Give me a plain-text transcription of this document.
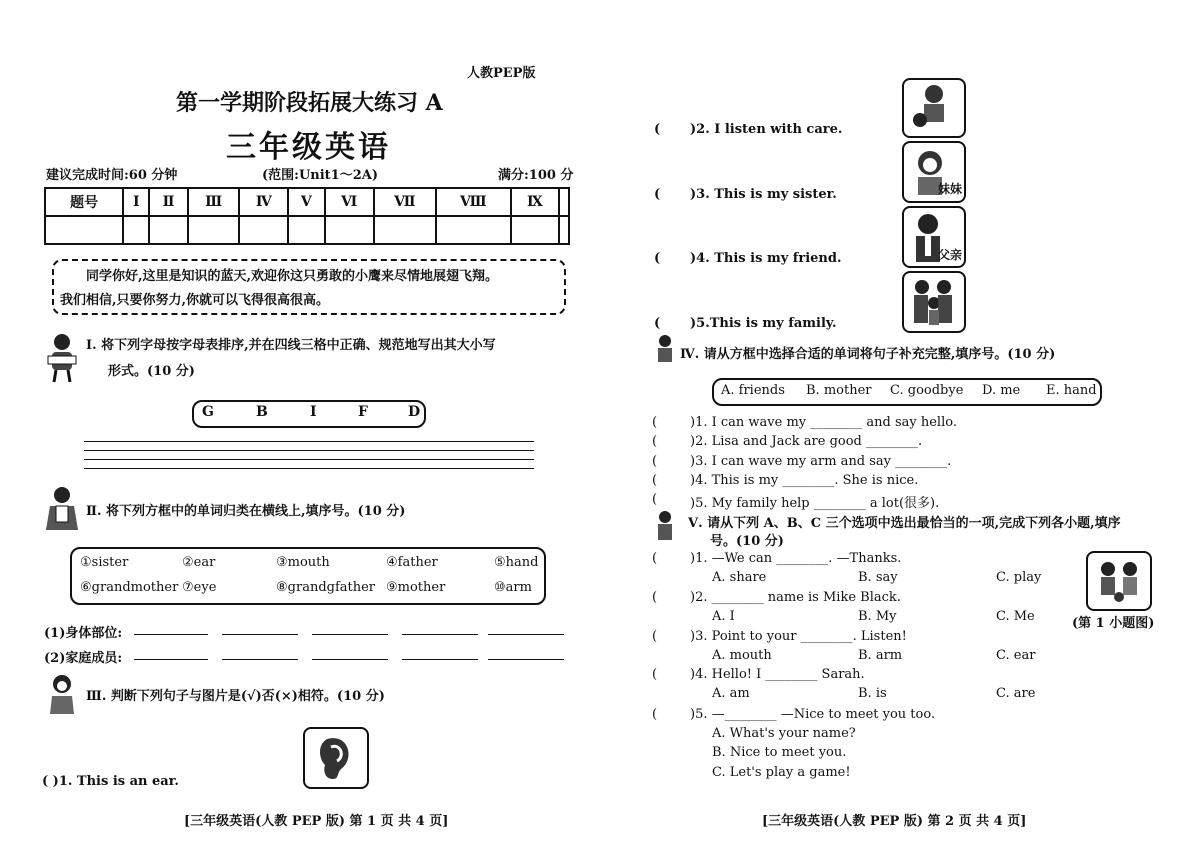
人教PEP版
第一学期阶段拓展大练习 A
三年级英语
建议完成时间:60 分钟	(范围:Unit1～2A)	满分:100 分
题号	Ⅰ	Ⅱ	Ⅲ	Ⅳ	Ⅴ	Ⅵ	Ⅶ	Ⅷ	Ⅸ	

同学你好,这里是知识的蓝天,欢迎你这只勇敢的小鹰来尽情地展翅飞翔。
我们相信,只要你努力,你就可以飞得很高很高。
Ⅰ. 将下列字母按字母表排序,并在四线三格中正确、规范地写出其大小写
形式。(10 分)
G	B	I	F	D
Ⅱ. 将下列方框中的单词归类在横线上,填序号。(10 分)
①sister	②ear	③mouth	④father	⑤hand
⑥grandmother ⑦eye	⑧grandgfather ⑨mother	⑩arm
(1)身体部位:
(2)家庭成员:
Ⅲ. 判断下列句子与图片是(√)否(×)相符。(10 分)
( )1. This is an ear.
[三年级英语(人教 PEP 版) 第 1 页 共 4 页]
( )2. I listen with care.
妹妹
( )3. This is my sister.
父亲
( )4. This is my friend.
( )5.This is my family.
Ⅳ. 请从方框中选择合适的单词将句子补充完整,填序号。(10 分)
A. friends B. mother C. goodbye D. me E. hand
(	)1. I can wave my ________ and say hello.
(	)2. Lisa and Jack are good ________.
(	)3. I can wave my arm and say ________.
(	)4. This is my ________. She is nice.
(	)5. My family help ________ a lot(很多).
Ⅴ. 请从下列 A、B、C 三个选项中选出最恰当的一项,完成下列各小题,填序
号。(10 分)
(	)1. —We can ________. —Thanks.
A. share	B. say	C. play
(	)2. ________ name is Mike Black.
A. I	B. My	C. Me
(	)3. Point to your ________. Listen!
A. mouth	B. arm	C. ear
(	)4. Hello! I ________ Sarah.
A. am	B. is	C. are
(	)5. —________ —Nice to meet you too.
A. What's your name?
B. Nice to meet you.
C. Let's play a game!
(第 1 小题图)
[三年级英语(人教 PEP 版) 第 2 页 共 4 页]
